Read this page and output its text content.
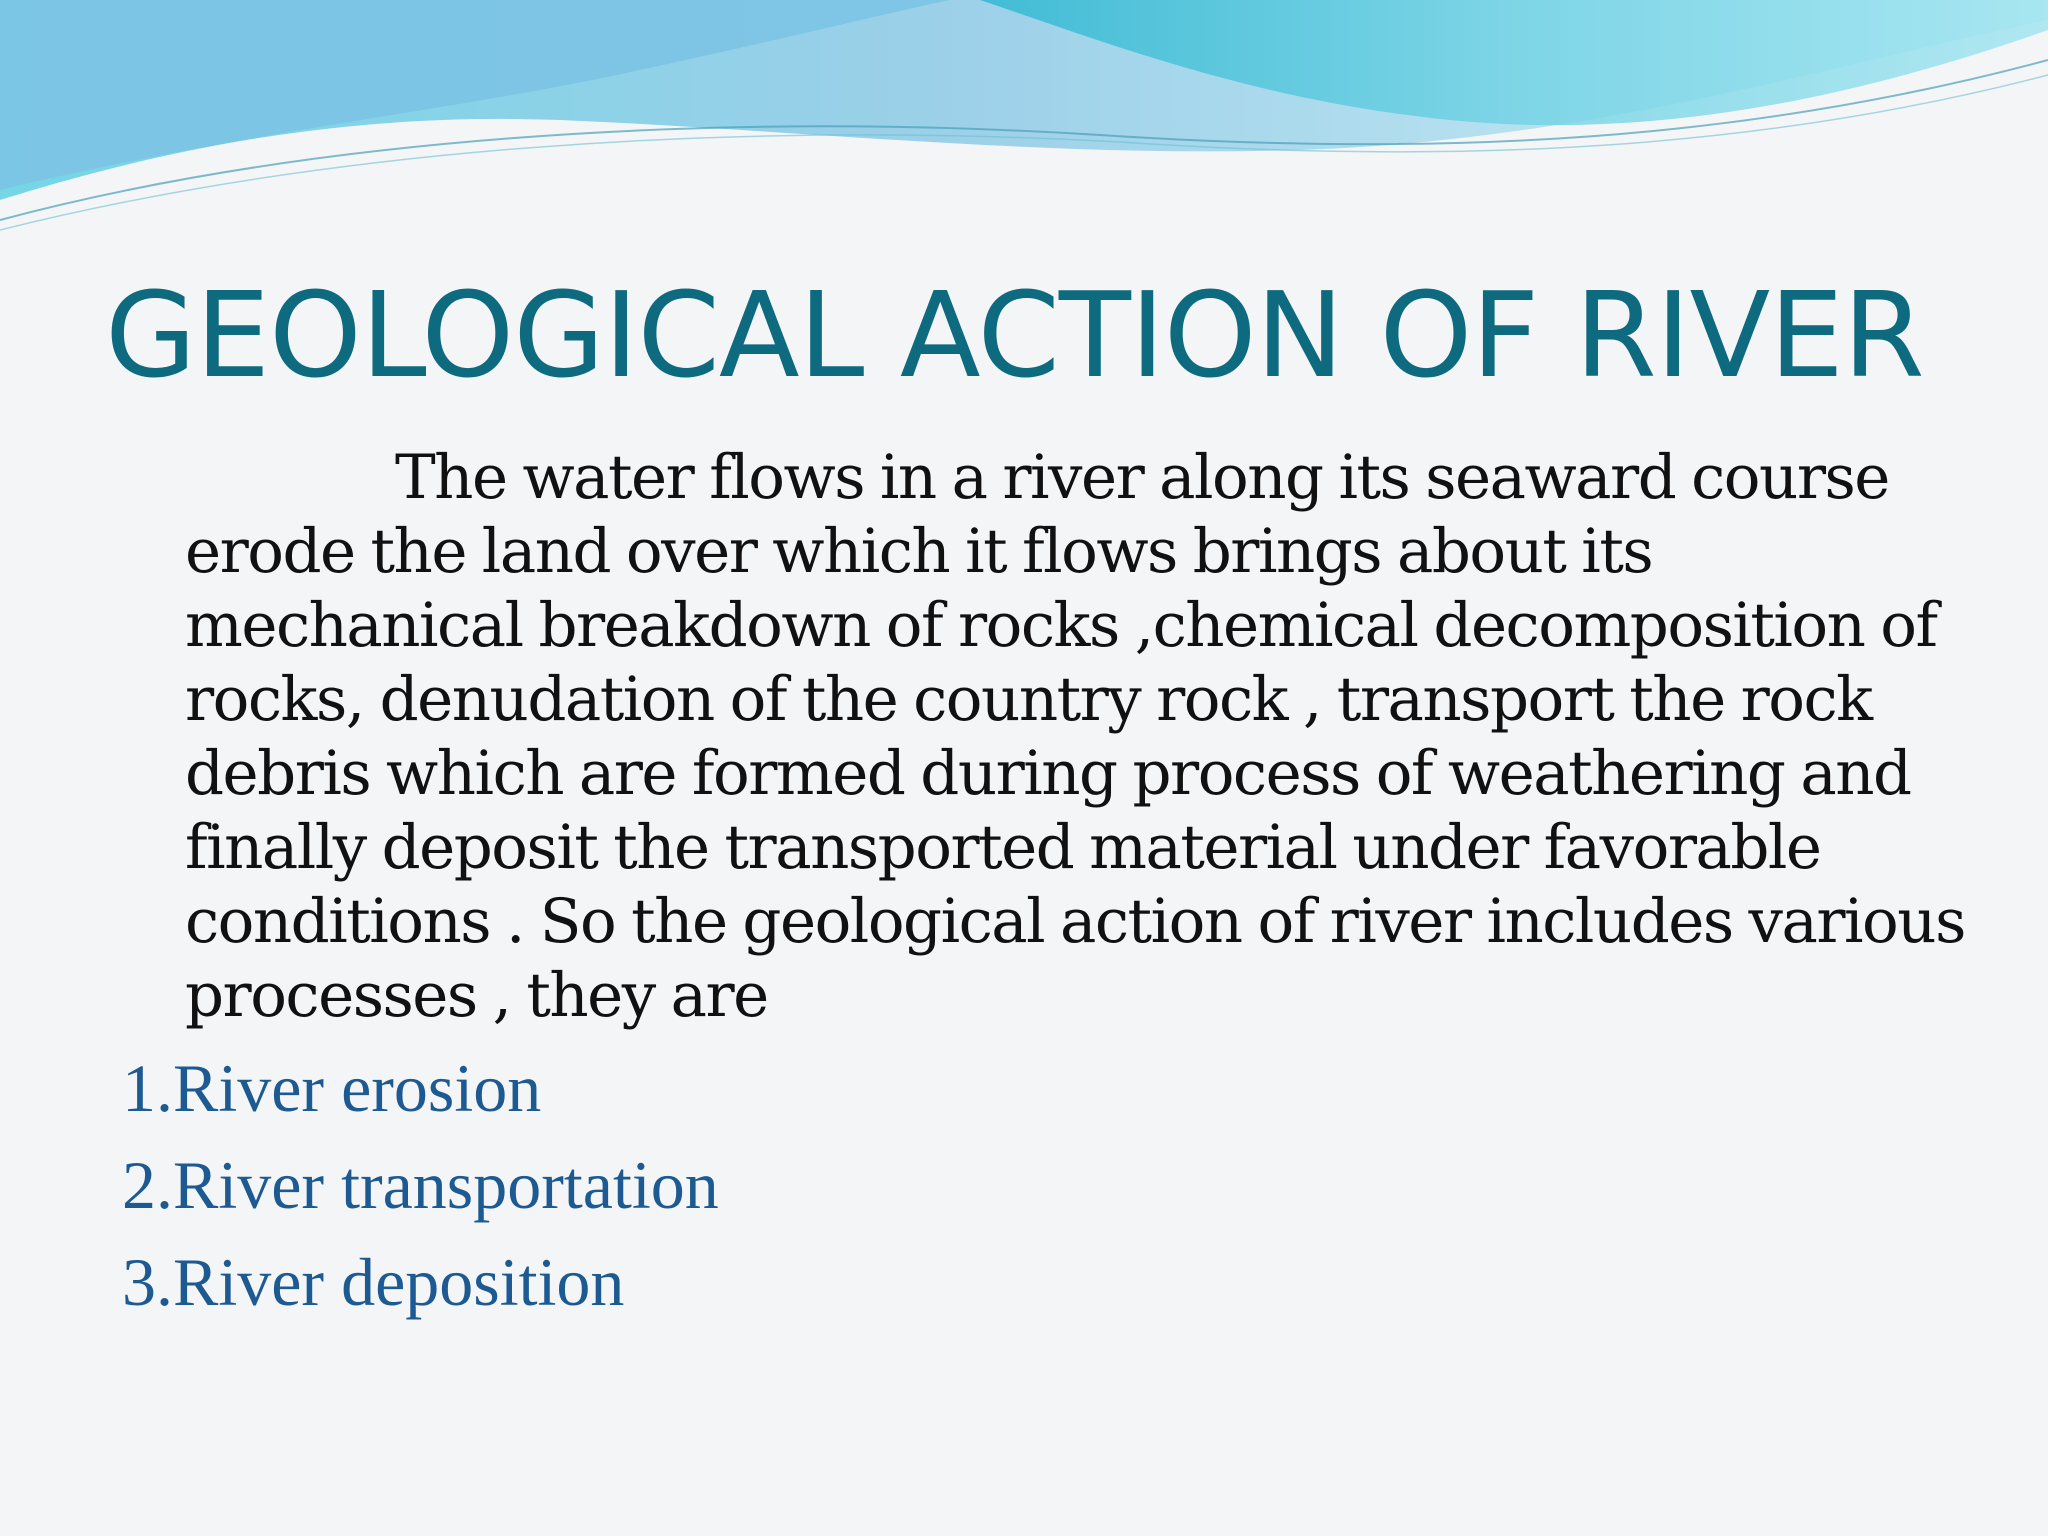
GEOLOGICAL ACTION OF RIVER

The water flows in a river along its seaward course erode the land over which it flows brings about its mechanical breakdown of rocks ,chemical decomposition of rocks, denudation of the country rock , transport the rock debris which are formed during process of weathering and finally deposit the transported material under favorable conditions . So the geological action of river includes various processes , they are

1.River erosion
2.River transportation
3.River deposition
